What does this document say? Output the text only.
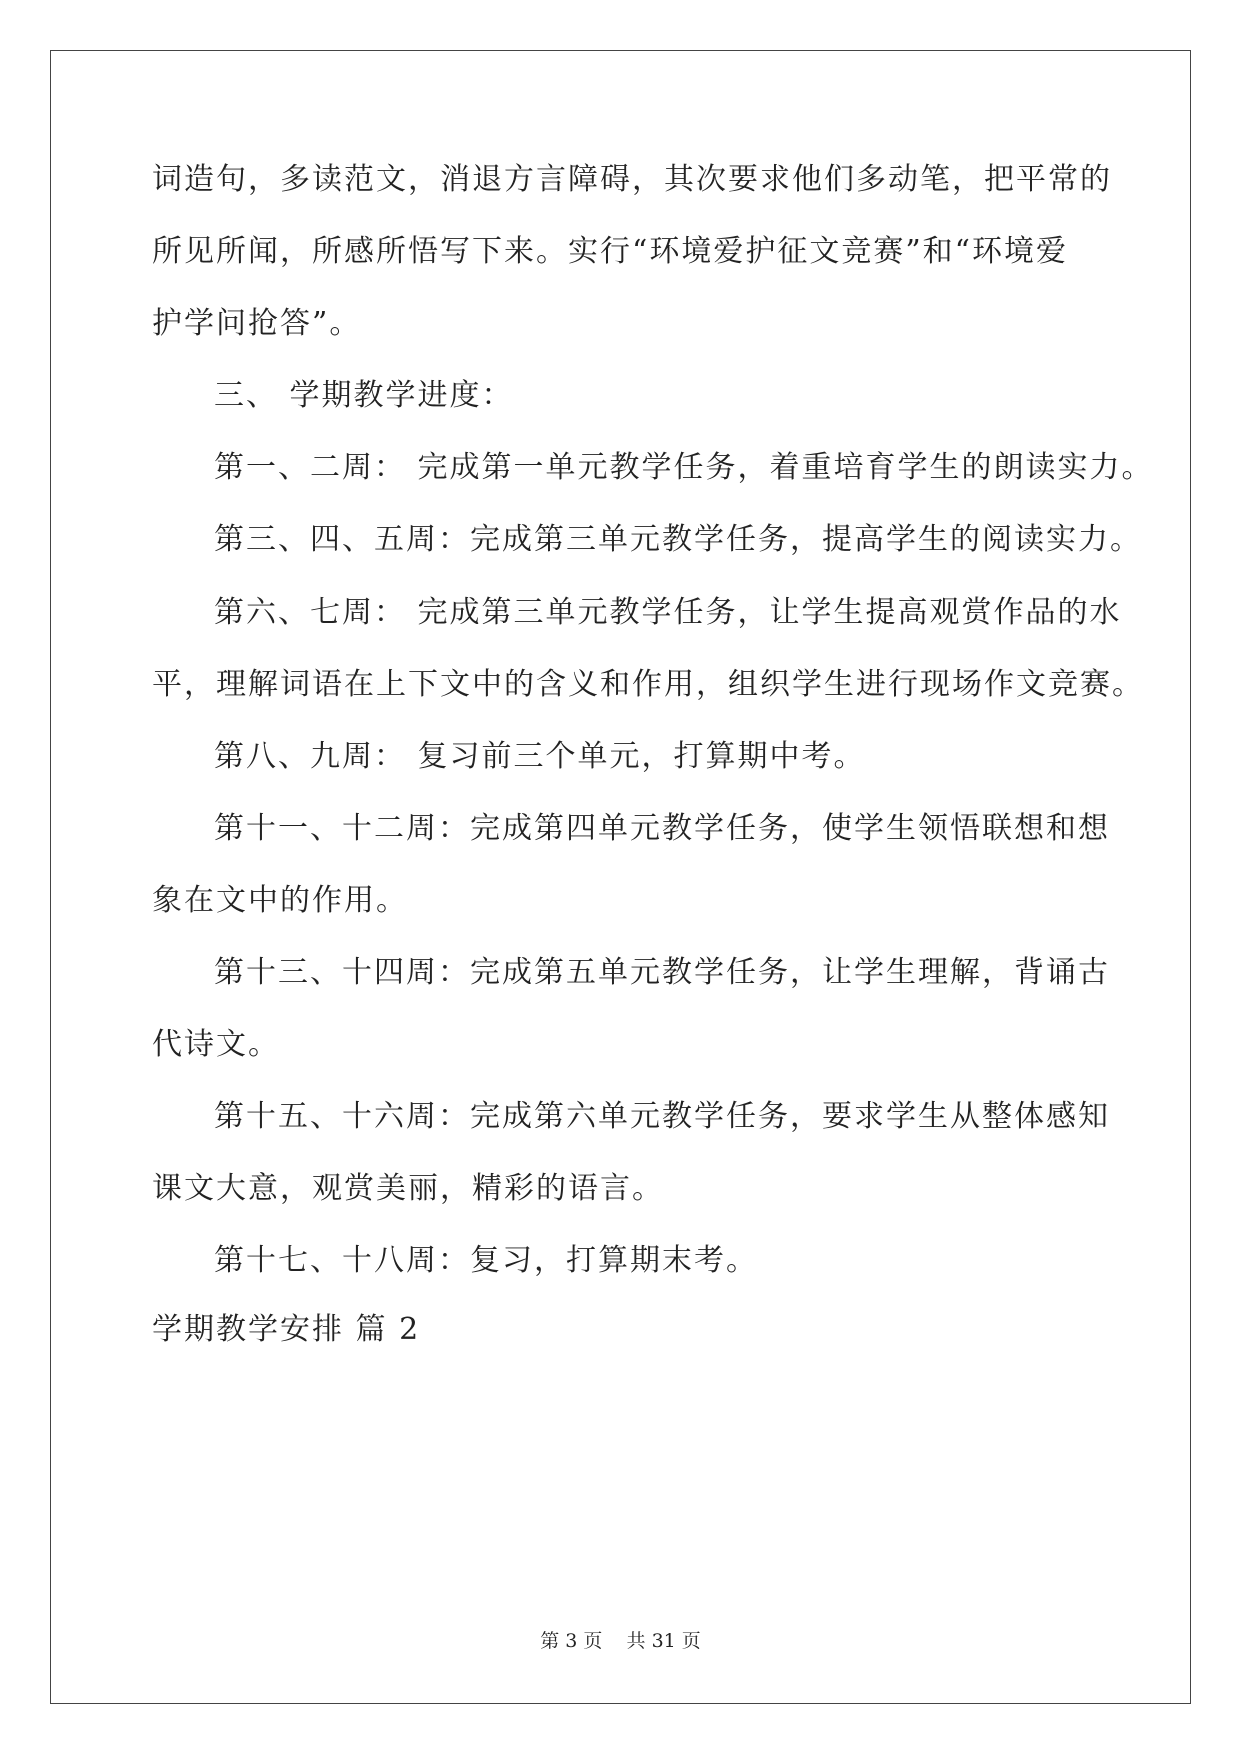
词造句，多读范文，消退方言障碍，其次要求他们多动笔，把平常的
所见所闻，所感所悟写下来。实行“环境爱护征文竞赛”和“环境爱
护学问抢答”。
三、 学期教学进度：
第一、二周： 完成第一单元教学任务，着重培育学生的朗读实力。
第三、四、五周：完成第三单元教学任务，提高学生的阅读实力。
第六、七周： 完成第三单元教学任务，让学生提高观赏作品的水
平，理解词语在上下文中的含义和作用，组织学生进行现场作文竞赛。
第八、九周： 复习前三个单元，打算期中考。
第十一、十二周：完成第四单元教学任务，使学生领悟联想和想
象在文中的作用。
第十三、十四周：完成第五单元教学任务，让学生理解，背诵古
代诗文。
第十五、十六周：完成第六单元教学任务，要求学生从整体感知
课文大意，观赏美丽，精彩的语言。
第十七、十八周：复习，打算期末考。
学期教学安排 篇 2
第 3 页    共 31 页
